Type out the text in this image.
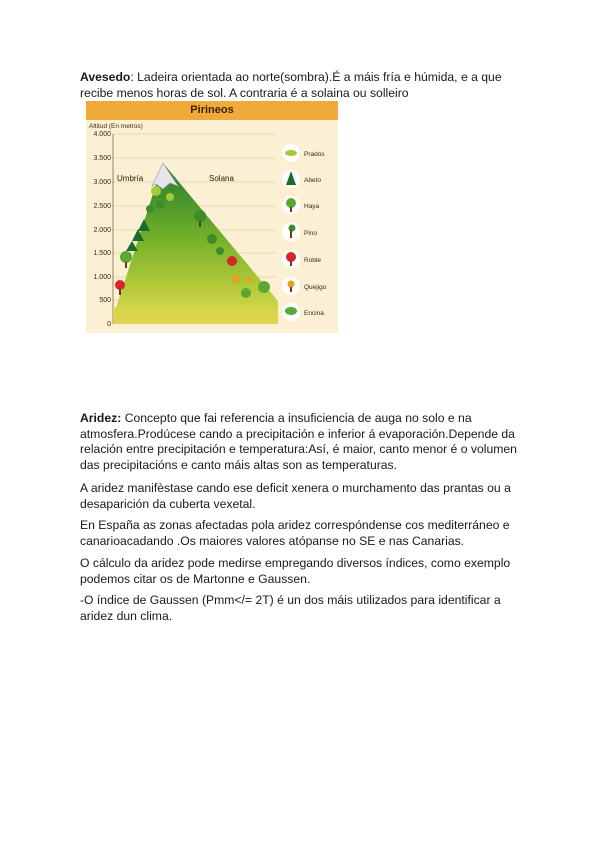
Avesedo: Ladeira orientada ao norte(sombra).É a máis fría e húmida, e a que recibe menos horas de sol. A contraria é a solaina ou solleiro

Pirineos
Altitud (En metros)
4.000
3.500
3.000
2.500
2.000
1.500
1.000
500
0
Umbría	Solana
Prados
Abeto
Haya
Pino
Roble
Quejigo
Encina

Aridez: Concepto que fai referencia a insuficiencia de auga no solo e na atmosfera.Prodúcese cando a precipitación e inferior á evaporación.Depende da relación entre precipitación e temperatura:Así, é maior, canto menor é o volumen das precipitacións e canto máis altas son as temperaturas.

A aridez manifèstase cando ese deficit xenera o murchamento das prantas ou a desaparición da cuberta vexetal.

En España as zonas afectadas pola aridez correspóndense cos mediterráneo e canarioacadando .Os maiores valores atópanse no SE e nas Canarias.

O cálculo da aridez pode medirse empregando diversos índices, como exemplo podemos citar os de Martonne e Gaussen.

-O índice de Gaussen (Pmm</= 2T) é un dos máis utilizados para identificar a aridez dun clima.
